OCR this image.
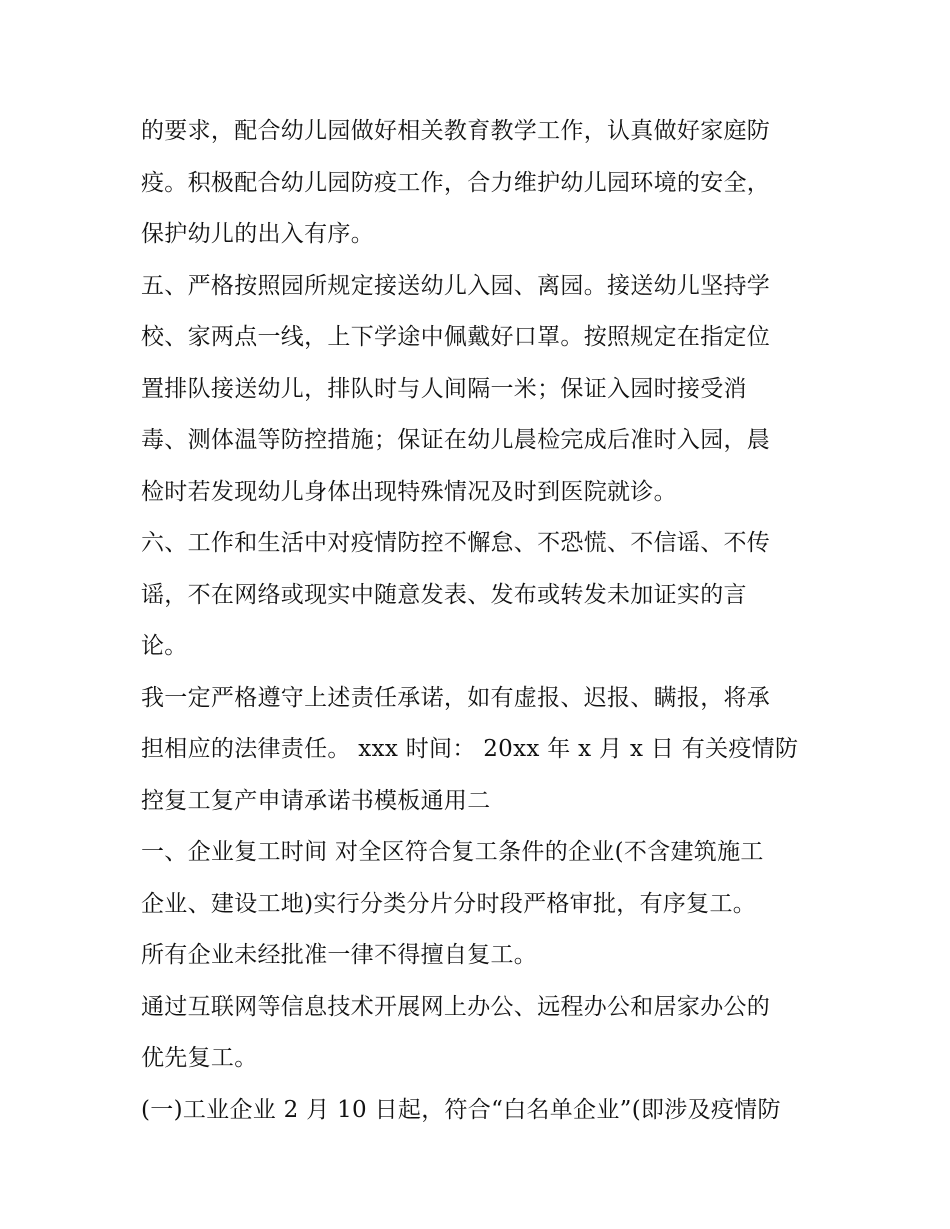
的要求，配合幼儿园做好相关教育教学工作，认真做好家庭防
疫。积极配合幼儿园防疫工作，合力维护幼儿园环境的安全，
保护幼儿的出入有序。
五、严格按照园所规定接送幼儿入园、离园。接送幼儿坚持学
校、家两点一线，上下学途中佩戴好口罩。按照规定在指定位
置排队接送幼儿，排队时与人间隔一米；保证入园时接受消
毒、测体温等防控措施；保证在幼儿晨检完成后准时入园，晨
检时若发现幼儿身体出现特殊情况及时到医院就诊。
六、工作和生活中对疫情防控不懈怠、不恐慌、不信谣、不传
谣，不在网络或现实中随意发表、发布或转发未加证实的言
论。
我一定严格遵守上述责任承诺，如有虚报、迟报、瞒报，将承
担相应的法律责任。 xxx 时间： 20xx 年 x 月 x 日 有关疫情防
控复工复产申请承诺书模板通用二
一、企业复工时间 对全区符合复工条件的企业(不含建筑施工
企业、建设工地)实行分类分片分时段严格审批，有序复工。
所有企业未经批准一律不得擅自复工。
通过互联网等信息技术开展网上办公、远程办公和居家办公的
优先复工。
(一)工业企业 2 月 10 日起，符合“白名单企业”(即涉及疫情防
